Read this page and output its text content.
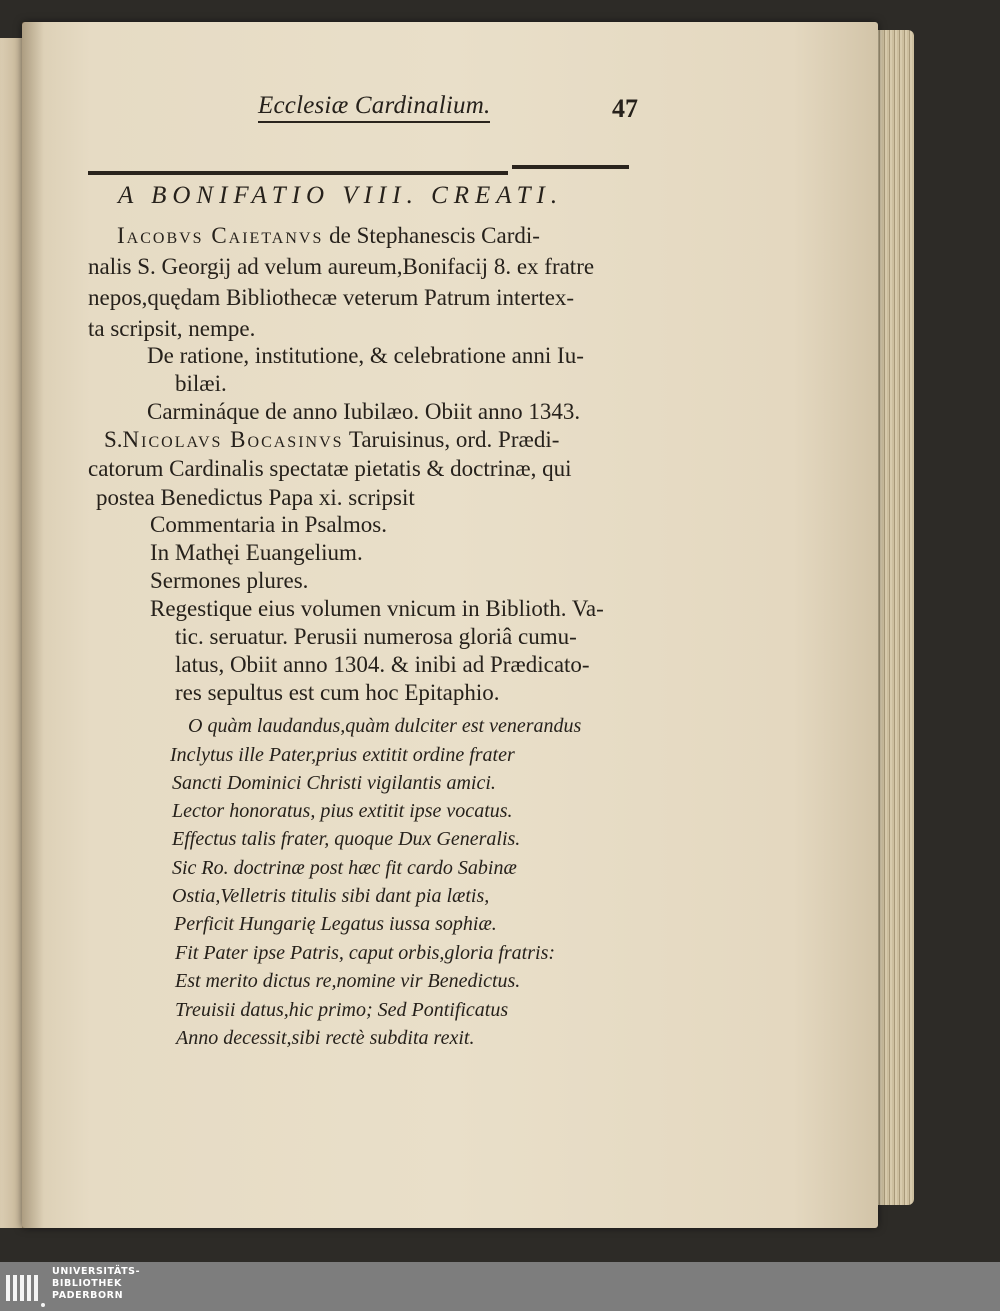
Ecclesiæ Cardinalium.	47
A BONIFATIO VIII. CREATI.
Iacobvs Caietanvs de Stephanescis Cardi-
nalis S. Georgij ad velum aureum,Bonifacij 8. ex fratre
nepos,quędam Bibliothecæ veterum Patrum intertex-
ta scripsit, nempe.
De ratione, institutione, & celebratione anni Iu-
bilæi.
Carmináque de anno Iubilæo. Obiit anno 1343.
S.Nicolavs Bocasinvs Taruisinus, ord. Prædi-
catorum Cardinalis spectatæ pietatis & doctrinæ, qui
postea Benedictus Papa xi. scripsit
Commentaria in Psalmos.
In Mathęi Euangelium.
Sermones plures.
Regestique eius volumen vnicum in Biblioth. Va-
tic. seruatur. Perusii numerosa gloriâ cumu-
latus, Obiit anno 1304. & inibi ad Prædicato-
res sepultus est cum hoc Epitaphio.
O quàm laudandus,quàm dulciter est venerandus
Inclytus ille Pater,prius extitit ordine frater
Sancti Dominici Christi vigilantis amici.
Lector honoratus, pius extitit ipse vocatus.
Effectus talis frater, quoque Dux Generalis.
Sic Ro. doctrinæ post hæc fit cardo Sabinæ
Ostia,Velletris titulis sibi dant pia lætis,
Perficit Hungarię Legatus iussa sophiæ.
Fit Pater ipse Patris, caput orbis,gloria fratris:
Est merito dictus re,nomine vir Benedictus.
Treuisii datus,hic primo; Sed Pontificatus
Anno decessit,sibi rectè subdita rexit.
UNIVERSITÄTS-
BIBLIOTHEK
PADERBORN
